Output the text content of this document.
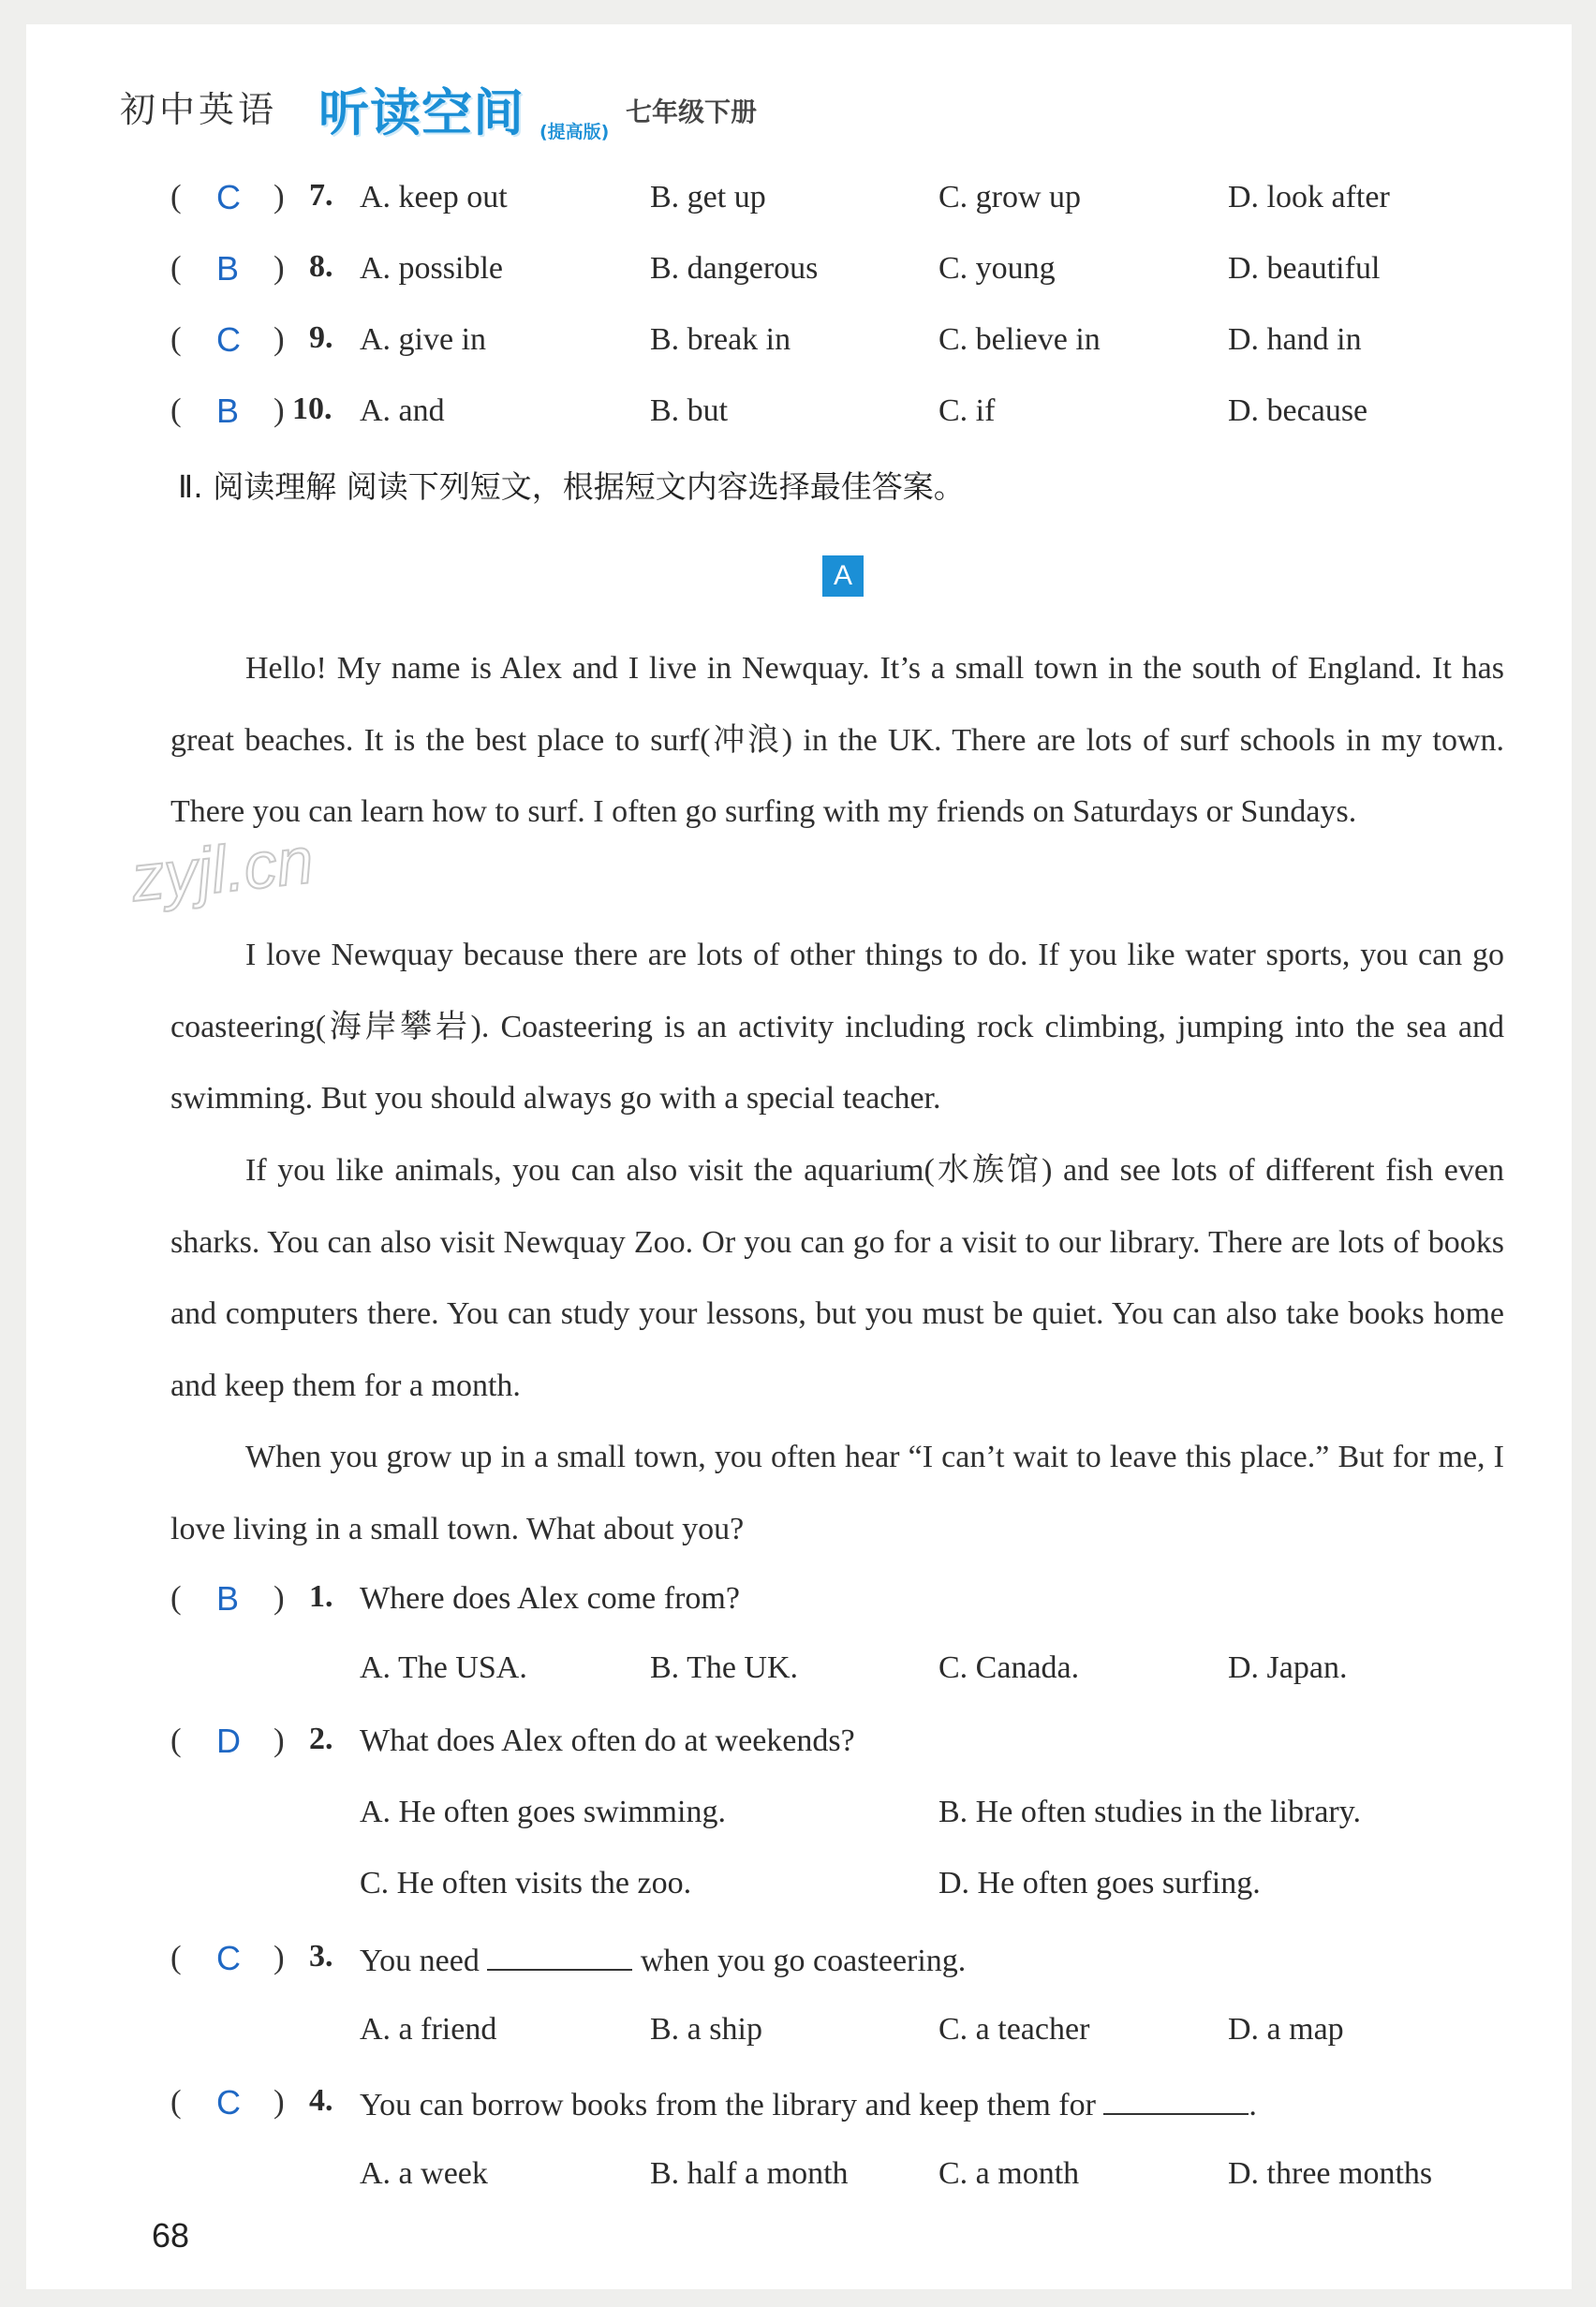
初中英语 听读空间 (提高版)
七年级下册
( C ) 7. A. keep out	B. get up	C. grow up	D. look after
( B ) 8. A. possible	B. dangerous	C. young	D. beautiful
( C ) 9. A. give in	B. break in	C. believe in	D. hand in
( B ) 10. A. and	B. but	C. if	D. because
Ⅱ. 阅读理解 阅读下列短文，根据短文内容选择最佳答案。
A

Hello! My name is Alex and I live in Newquay. It’s a small town in the south of England. It has great beaches. It is the best place to surf(冲浪) in the UK. There are lots of surf schools in my town. There you can learn how to surf. I often go surfing with my friends on Saturdays or Sundays.

I love Newquay because there are lots of other things to do. If you like water sports, you can go coasteering(海岸攀岩). Coasteering is an activity including rock climbing, jumping into the sea and swimming. But you should always go with a special teacher.

If you like animals, you can also visit the aquarium(水族馆) and see lots of different fish even sharks. You can also visit Newquay Zoo. Or you can go for a visit to our library. There are lots of books and computers there. You can study your lessons, but you must be quiet. You can also take books home and keep them for a month.

When you grow up in a small town, you often hear “I can’t wait to leave this place.” But for me, I love living in a small town. What about you?

zyjl.cn
( B ) 1. Where does Alex come from?
A. The USA.	B. The UK.	C. Canada.	D. Japan.
( D ) 2. What does Alex often do at weekends?
A. He often goes swimming.	B. He often studies in the library.
C. He often visits the zoo.	D. He often goes surfing.
( C ) 3. You need	when you go coasteering.
A. a friend	B. a ship	C. a teacher	D. a map
( C ) 4. You can borrow books from the library and keep them for	.
A. a week	B. half a month	C. a month	D. three months
68
